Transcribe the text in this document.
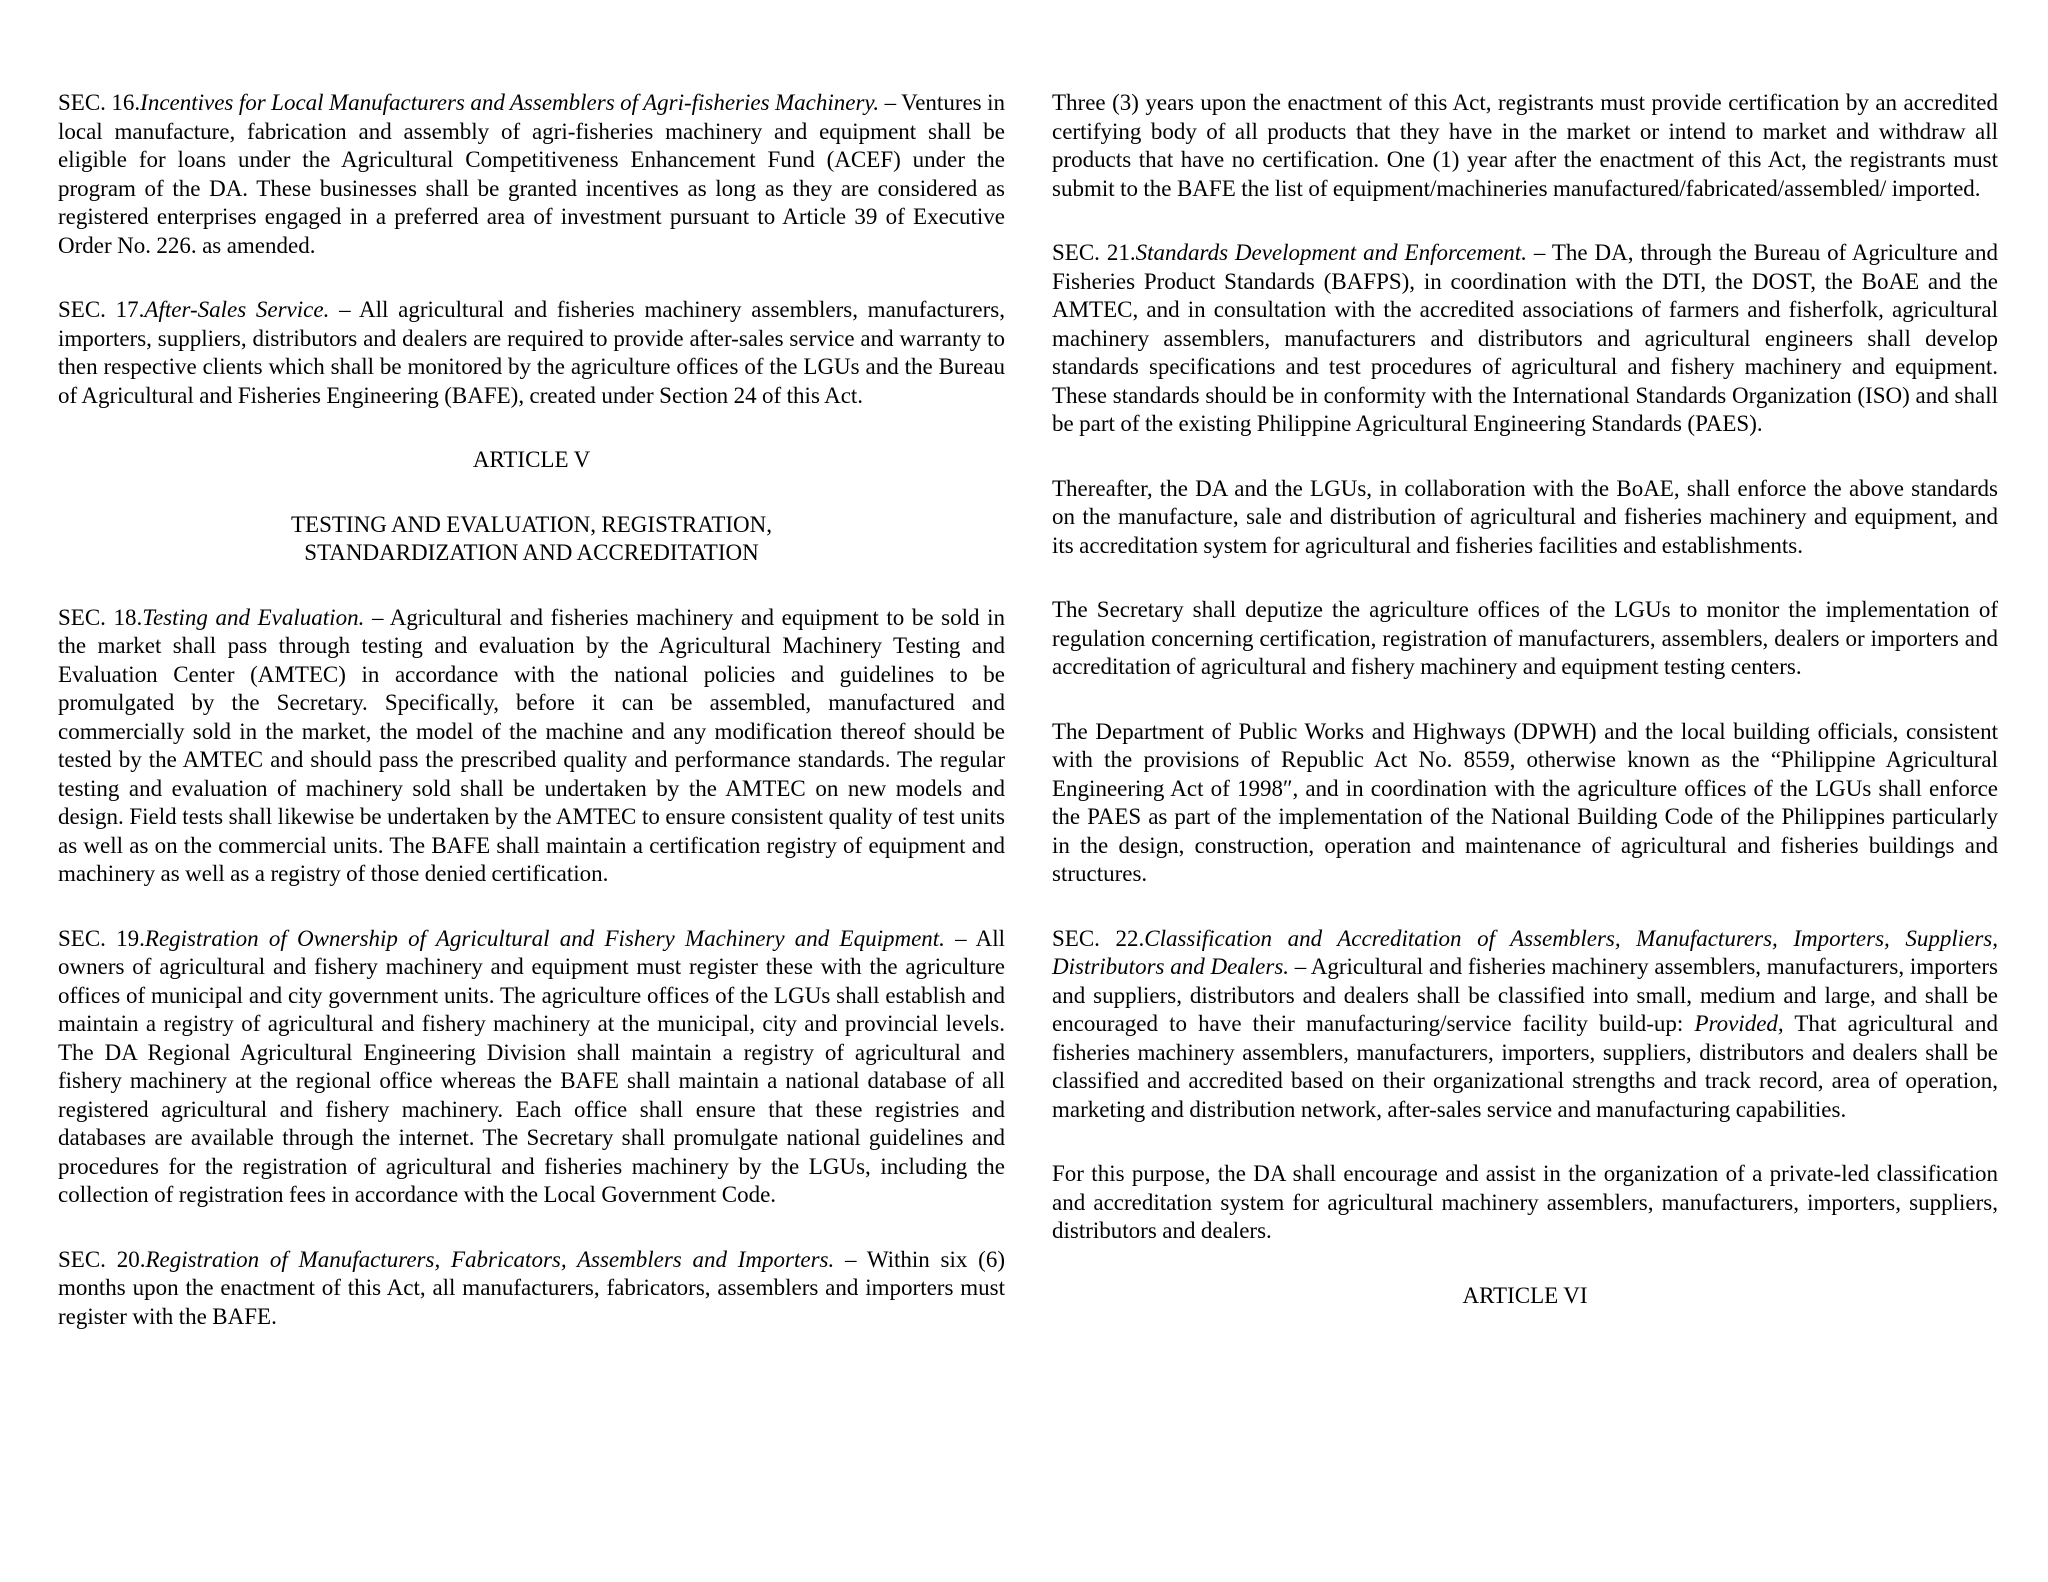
SEC. 16.Incentives for Local Manufacturers and Assemblers of Agri-fisheries Machinery. – Ventures in local manufacture, fabrication and assembly of agri-fisheries machinery and equipment shall be eligible for loans under the Agricultural Competitiveness Enhancement Fund (ACEF) under the program of the DA. These businesses shall be granted incentives as long as they are considered as registered enterprises engaged in a preferred area of investment pursuant to Article 39 of Executive Order No. 226. as amended.

SEC. 17.After-Sales Service. – All agricultural and fisheries machinery assemblers, manufacturers, importers, suppliers, distributors and dealers are required to provide after-sales service and warranty to then respective clients which shall be monitored by the agriculture offices of the LGUs and the Bureau of Agricultural and Fisheries Engineering (BAFE), created under Section 24 of this Act.

ARTICLE V

TESTING AND EVALUATION, REGISTRATION,
STANDARDIZATION AND ACCREDITATION

SEC. 18.Testing and Evaluation. – Agricultural and fisheries machinery and equipment to be sold in the market shall pass through testing and evaluation by the Agricultural Machinery Testing and Evaluation Center (AMTEC) in accordance with the national policies and guidelines to be promulgated by the Secretary. Specifically, before it can be assembled, manufactured and commercially sold in the market, the model of the machine and any modification thereof should be tested by the AMTEC and should pass the prescribed quality and performance standards. The regular testing and evaluation of machinery sold shall be undertaken by the AMTEC on new models and design. Field tests shall likewise be undertaken by the AMTEC to ensure consistent quality of test units as well as on the commercial units. The BAFE shall maintain a certification registry of equipment and machinery as well as a registry of those denied certification.

SEC. 19.Registration of Ownership of Agricultural and Fishery Machinery and Equipment. – All owners of agricultural and fishery machinery and equipment must register these with the agriculture offices of municipal and city government units. The agriculture offices of the LGUs shall establish and maintain a registry of agricultural and fishery machinery at the municipal, city and provincial levels. The DA Regional Agricultural Engineering Division shall maintain a registry of agricultural and fishery machinery at the regional office whereas the BAFE shall maintain a national database of all registered agricultural and fishery machinery. Each office shall ensure that these registries and databases are available through the internet. The Secretary shall promulgate national guidelines and procedures for the registration of agricultural and fisheries machinery by the LGUs, including the collection of registration fees in accordance with the Local Government Code.

SEC. 20.Registration of Manufacturers, Fabricators, Assemblers and Importers. – Within six (6) months upon the enactment of this Act, all manufacturers, fabricators, assemblers and importers must register with the BAFE.

Three (3) years upon the enactment of this Act, registrants must provide certification by an accredited certifying body of all products that they have in the market or intend to market and withdraw all products that have no certification. One (1) year after the enactment of this Act, the registrants must submit to the BAFE the list of equipment/machineries manufactured/fabricated/assembled/ imported.

SEC. 21.Standards Development and Enforcement. – The DA, through the Bureau of Agriculture and Fisheries Product Standards (BAFPS), in coordination with the DTI, the DOST, the BoAE and the AMTEC, and in consultation with the accredited associations of farmers and fisherfolk, agricultural machinery assemblers, manufacturers and distributors and agricultural engineers shall develop standards specifications and test procedures of agricultural and fishery machinery and equipment. These standards should be in conformity with the International Standards Organization (ISO) and shall be part of the existing Philippine Agricultural Engineering Standards (PAES).

Thereafter, the DA and the LGUs, in collaboration with the BoAE, shall enforce the above standards on the manufacture, sale and distribution of agricultural and fisheries machinery and equipment, and its accreditation system for agricultural and fisheries facilities and establishments.

The Secretary shall deputize the agriculture offices of the LGUs to monitor the implementation of regulation concerning certification, registration of manufacturers, assemblers, dealers or importers and accreditation of agricultural and fishery machinery and equipment testing centers.

The Department of Public Works and Highways (DPWH) and the local building officials, consistent with the provisions of Republic Act No. 8559, otherwise known as the “Philippine Agricultural Engineering Act of 1998″, and in coordination with the agriculture offices of the LGUs shall enforce the PAES as part of the implementation of the National Building Code of the Philippines particularly in the design, construction, operation and maintenance of agricultural and fisheries buildings and structures.

SEC. 22.Classification and Accreditation of Assemblers, Manufacturers, Importers, Suppliers, Distributors and Dealers. – Agricultural and fisheries machinery assemblers, manufacturers, importers and suppliers, distributors and dealers shall be classified into small, medium and large, and shall be encouraged to have their manufacturing/service facility build-up: Provided, That agricultural and fisheries machinery assemblers, manufacturers, importers, suppliers, distributors and dealers shall be classified and accredited based on their organizational strengths and track record, area of operation, marketing and distribution network, after-sales service and manufacturing capabilities.

For this purpose, the DA shall encourage and assist in the organization of a private-led classification and accreditation system for agricultural machinery assemblers, manufacturers, importers, suppliers, distributors and dealers.

ARTICLE VI
